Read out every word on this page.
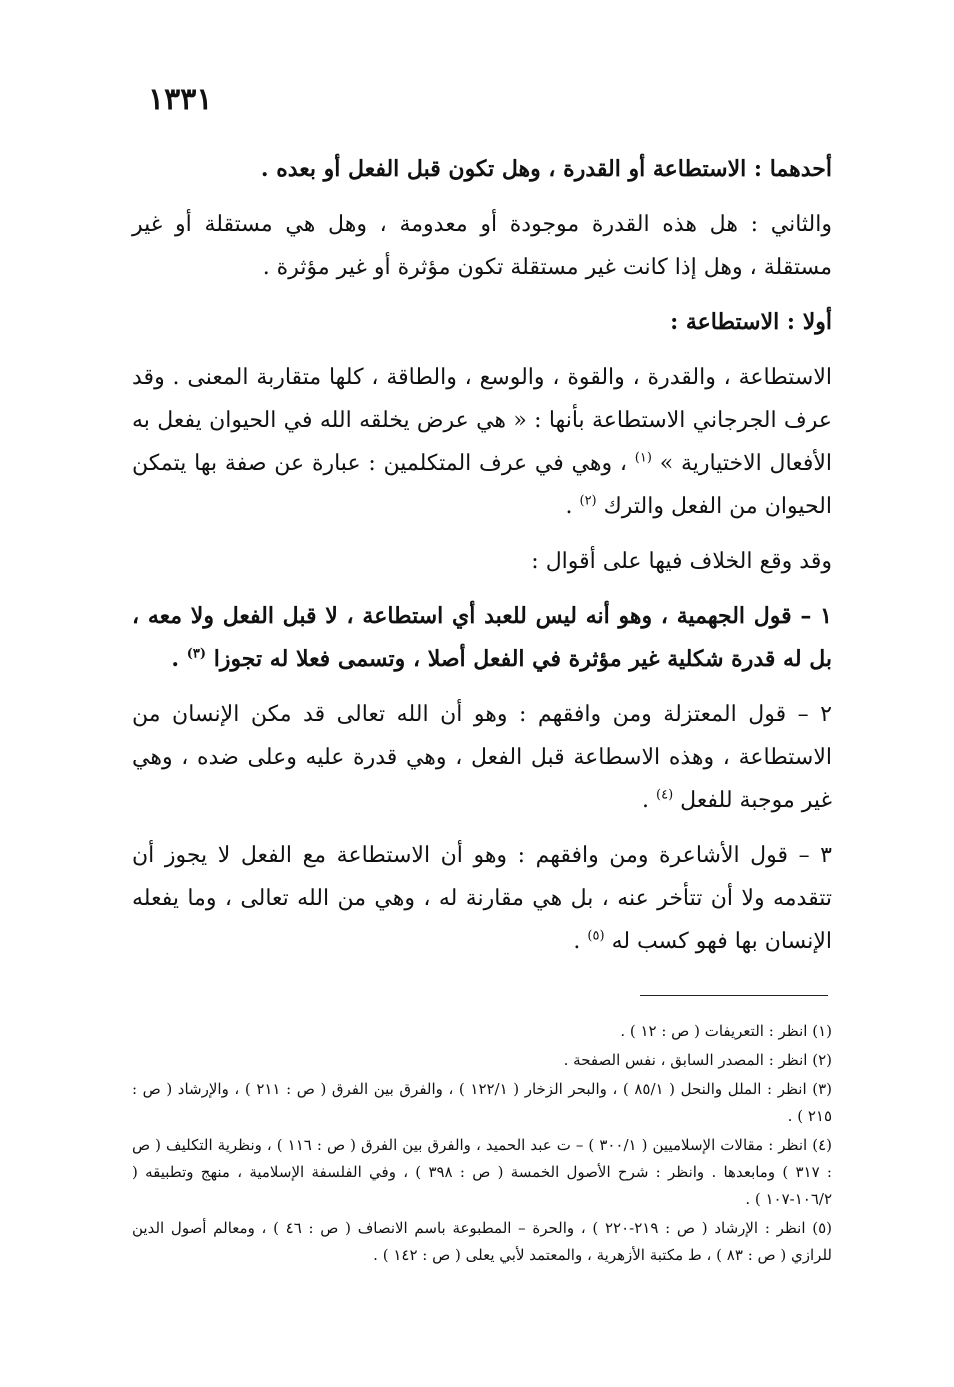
١٣٣١

أحدهما : الاستطاعة أو القدرة ، وهل تكون قبل الفعل أو بعده .

والثاني : هل هذه القدرة موجودة أو معدومة ، وهل هي مستقلة أو غير مستقلة ، وهل إذا كانت غير مستقلة تكون مؤثرة أو غير مؤثرة .

أولا : الاستطاعة :

الاستطاعة ، والقدرة ، والقوة ، والوسع ، والطاقة ، كلها متقاربة المعنى . وقد عرف الجرجاني الاستطاعة بأنها : « هي عرض يخلقه الله في الحيوان يفعل به الأفعال الاختيارية » $^{(١)}$ ، وهي في عرف المتكلمين : عبارة عن صفة بها يتمكن الحيوان من الفعل والترك $^{(٢)}$ .

وقد وقع الخلاف فيها على أقوال :

١ – قول الجهمية ، وهو أنه ليس للعبد أي استطاعة ، لا قبل الفعل ولا معه ، بل له قدرة شكلية غير مؤثرة في الفعل أصلا ، وتسمى فعلا له تجوزا $^{(٣)}$ .

٢ – قول المعتزلة ومن وافقهم : وهو أن الله تعالى قد مكن الإنسان من الاستطاعة ، وهذه الاسطاعة قبل الفعل ، وهي قدرة عليه وعلى ضده ، وهي غير موجبة للفعل $^{(٤)}$ .

٣ – قول الأشاعرة ومن وافقهم : وهو أن الاستطاعة مع الفعل لا يجوز أن تتقدمه ولا أن تتأخر عنه ، بل هي مقارنة له ، وهي من الله تعالى ، وما يفعله الإنسان بها فهو كسب له $^{(٥)}$ .

(١) انظر : التعريفات ( ص : ١٢ ) .

(٢) انظر : المصدر السابق ، نفس الصفحة .

(٣) انظر : الملل والنحل ( ٨٥/١ ) ، والبحر الزخار ( ١٢٢/١ ) ، والفرق بين الفرق ( ص : ٢١١ ) ، والإرشاد ( ص : ٢١٥ ) .

(٤) انظر : مقالات الإسلاميين ( ٣٠٠/١ ) – ت عبد الحميد ، والفرق بين الفرق ( ص : ١١٦ ) ، ونظرية التكليف ( ص : ٣١٧ ) ومابعدها . وانظر : شرح الأصول الخمسة ( ص : ٣٩٨ ) ، وفي الفلسفة الإسلامية ، منهج وتطبيقه ( ١٠٦/٢-١٠٧ ) .

(٥) انظر : الإرشاد ( ص : ٢١٩-٢٢٠ ) ، والحرة – المطبوعة باسم الانصاف ( ص : ٤٦ ) ، ومعالم أصول الدين للرازي ( ص : ٨٣ ) ، ط مكتبة الأزهرية ، والمعتمد لأبي يعلى ( ص : ١٤٢ ) .
